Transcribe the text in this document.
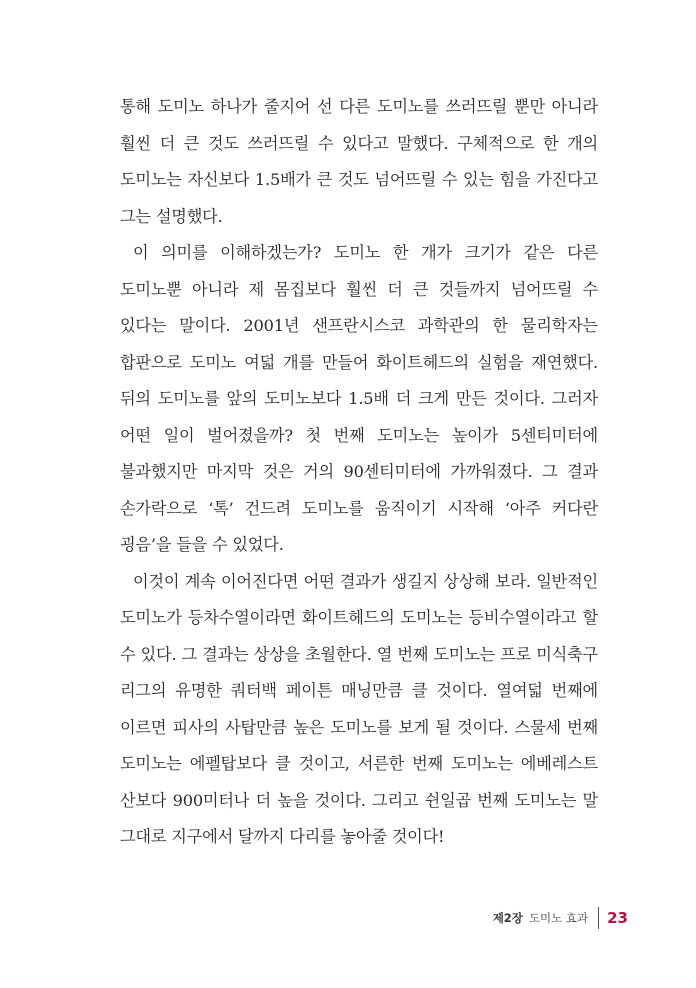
통해 도미노 하나가 줄지어 선 다른 도미노를 쓰러뜨릴 뿐만 아니라 훨씬 더 큰 것도 쓰러뜨릴 수 있다고 말했다. 구체적으로 한 개의 도미노는 자신보다 1.5배가 큰 것도 넘어뜨릴 수 있는 힘을 가진다고 그는 설명했다.

이 의미를 이해하겠는가? 도미노 한 개가 크기가 같은 다른 도미노뿐 아니라 제 몸집보다 훨씬 더 큰 것들까지 넘어뜨릴 수 있다는 말이다. 2001년 샌프란시스코 과학관의 한 물리학자는 합판으로 도미노 여덟 개를 만들어 화이트헤드의 실험을 재연했다. 뒤의 도미노를 앞의 도미노보다 1.5배 더 크게 만든 것이다. 그러자 어떤 일이 벌어졌을까? 첫 번째 도미노는 높이가 5센티미터에 불과했지만 마지막 것은 거의 90센티미터에 가까워졌다. 그 결과 손가락으로 ‘톡’ 건드려 도미노를 움직이기 시작해 ‘아주 커다란 굉음’을 들을 수 있었다.

이것이 계속 이어진다면 어떤 결과가 생길지 상상해 보라. 일반적인 도미노가 등차수열이라면 화이트헤드의 도미노는 등비수열이라고 할 수 있다. 그 결과는 상상을 초월한다. 열 번째 도미노는 프로 미식축구 리그의 유명한 쿼터백 페이튼 매닝만큼 클 것이다. 열여덟 번째에 이르면 피사의 사탑만큼 높은 도미노를 보게 될 것이다. 스물세 번째 도미노는 에펠탑보다 클 것이고, 서른한 번째 도미노는 에베레스트 산보다 900미터나 더 높을 것이다. 그리고 쉰일곱 번째 도미노는 말 그대로 지구에서 달까지 다리를 놓아줄 것이다!

제2장 도미노 효과 23
